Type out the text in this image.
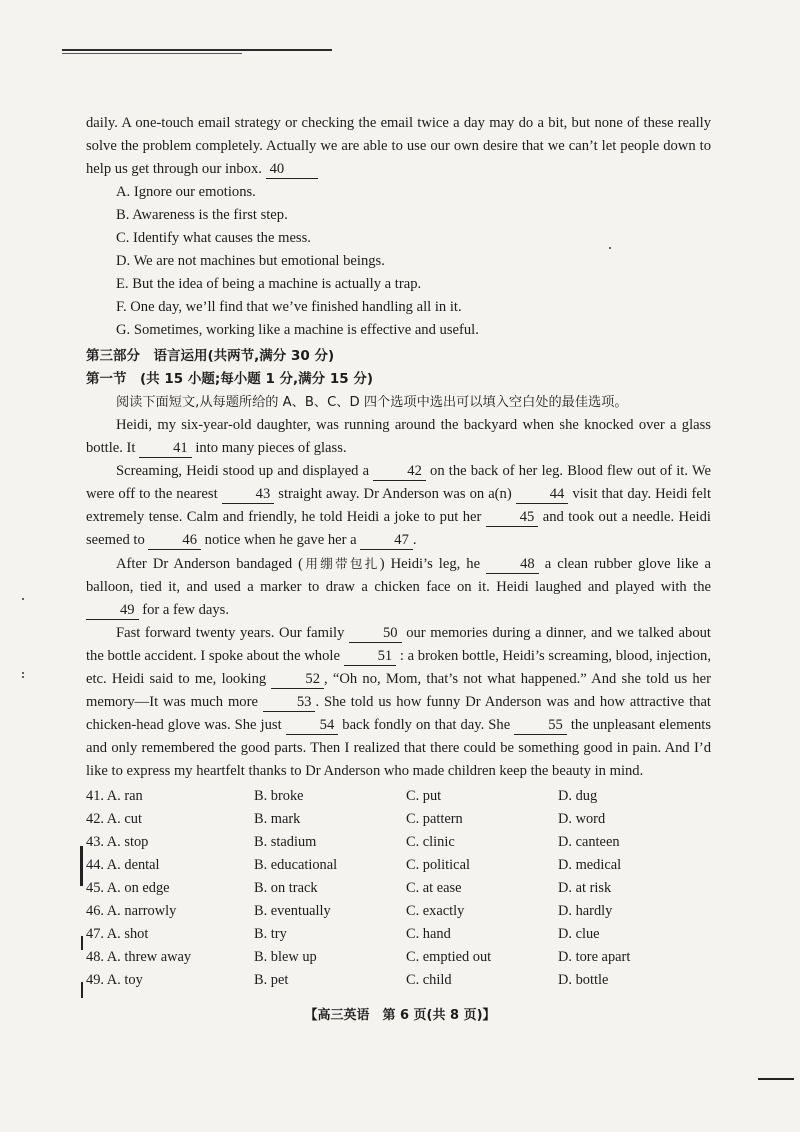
daily. A one-touch email strategy or checking the email twice a day may do a bit, but none of these really solve the problem completely. Actually we are able to use our own desire that we can’t let people down to help us get through our inbox. 40

A. Ignore our emotions.
B. Awareness is the first step.
C. Identify what causes the mess.
D. We are not machines but emotional beings.
E. But the idea of being a machine is actually a trap.
F. One day, we’ll find that we’ve finished handling all in it.
G. Sometimes, working like a machine is effective and useful.
第三部分　语言运用(共两节,满分 30 分)
第一节　(共 15 小题;每小题 1 分,满分 15 分)
阅读下面短文,从每题所给的 A、B、C、D 四个选项中选出可以填入空白处的最佳选项。

Heidi, my six-year-old daughter, was running around the backyard when she knocked over a glass bottle. It	41 into many pieces of glass.

Screaming, Heidi stood up and displayed a	42 on the back of her leg. Blood flew out of it. We were off to the nearest	43 straight away. Dr Anderson was on a(n)	44 visit that day. Heidi felt extremely tense. Calm and friendly, he told Heidi a joke to put her	45 and took out a needle. Heidi seemed to	46 notice when he gave her a	47 .

After Dr Anderson bandaged (用绷带包扎) Heidi’s leg, he	48 a clean rubber glove like a balloon, tied it, and used a marker to draw a chicken face on it. Heidi laughed and played with the 49 for a few days.

Fast forward twenty years. Our family	50 our memories during a dinner, and we talked about the bottle accident. I spoke about the whole	51 : a broken bottle, Heidi’s screaming, blood, injection, etc. Heidi said to me, looking	52 , “Oh no, Mom, that’s not what happened.” And she told us her memory—It was much more	53 . She told us how funny Dr Anderson was and how attractive that chicken-head glove was. She just	54 back fondly on that day. She	55 the unpleasant elements and only remembered the good parts. Then I realized that there could be something good in pain. And I’d like to express my heartfelt thanks to Dr Anderson who made children keep the beauty in mind.

41. A. ran	B. broke	C. put	D. dug
42. A. cut	B. mark	C. pattern	D. word
43. A. stop	B. stadium	C. clinic	D. canteen
44. A. dental	B. educational	C. political	D. medical
45. A. on edge	B. on track	C. at ease	D. at risk
46. A. narrowly	B. eventually	C. exactly	D. hardly
47. A. shot	B. try	C. hand	D. clue
48. A. threw away	B. blew up	C. emptied out	D. tore apart
49. A. toy	B. pet	C. child	D. bottle
【高三英语　第 6 页(共 8 页)】
